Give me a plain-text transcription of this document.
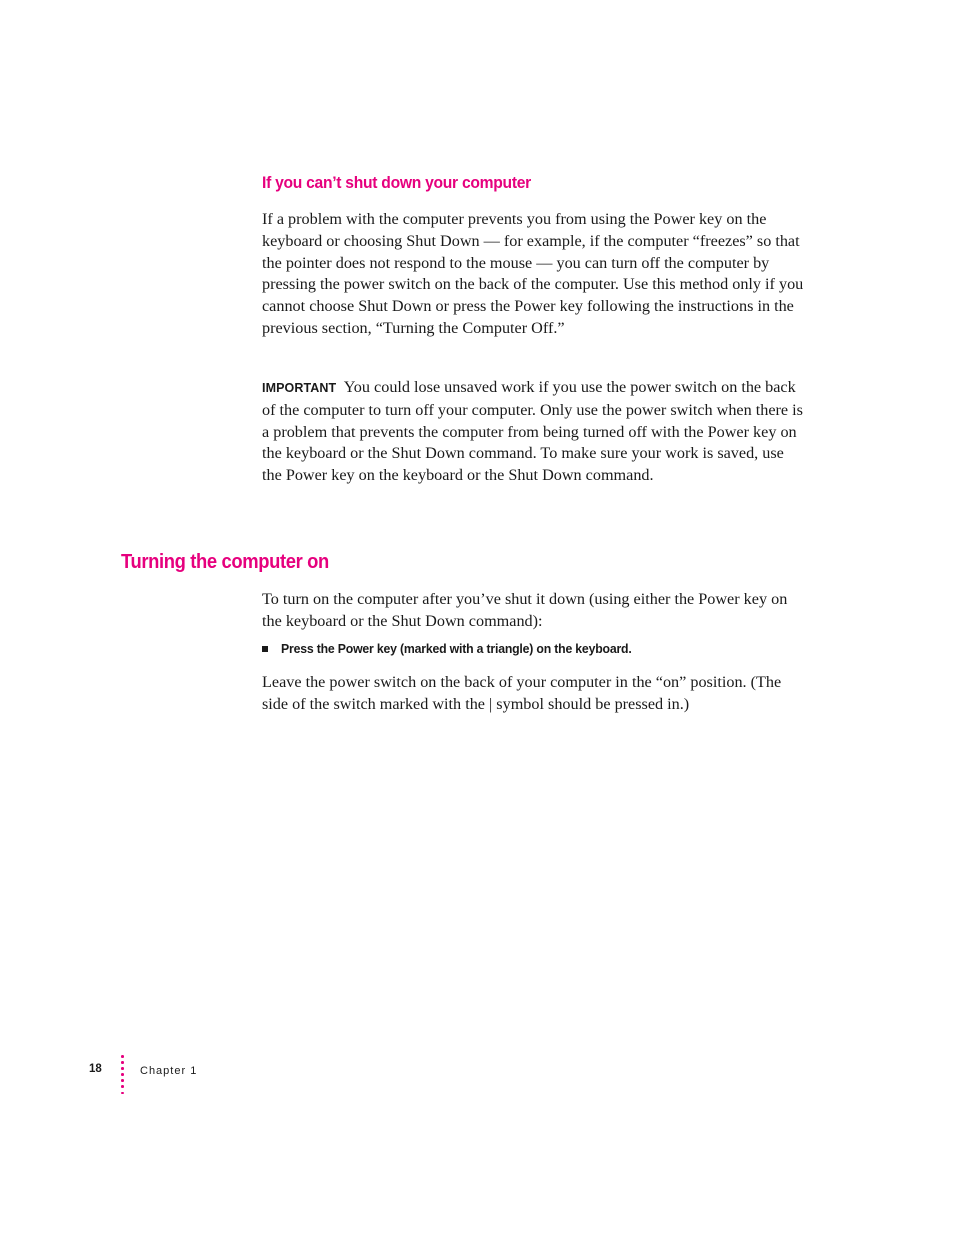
If you can’t shut down your computer

If a problem with the computer prevents you from using the Power key on the keyboard or choosing Shut Down — for example, if the computer “freezes” so that the pointer does not respond to the mouse — you can turn off the computer by pressing the power switch on the back of the computer. Use this method only if you cannot choose Shut Down or press the Power key following the instructions in the previous section, “Turning the Computer Off.”

IMPORTANT You could lose unsaved work if you use the power switch on the back of the computer to turn off your computer. Only use the power switch when there is a problem that prevents the computer from being turned off with the Power key on the keyboard or the Shut Down command. To make sure your work is saved, use the Power key on the keyboard or the Shut Down command.

Turning the computer on

To turn on the computer after you’ve shut it down (using either the Power key on the keyboard or the Shut Down command):

Press the Power key (marked with a triangle) on the keyboard.

Leave the power switch on the back of your computer in the “on” position. (The side of the switch marked with the | symbol should be pressed in.)

18	Chapter 1
